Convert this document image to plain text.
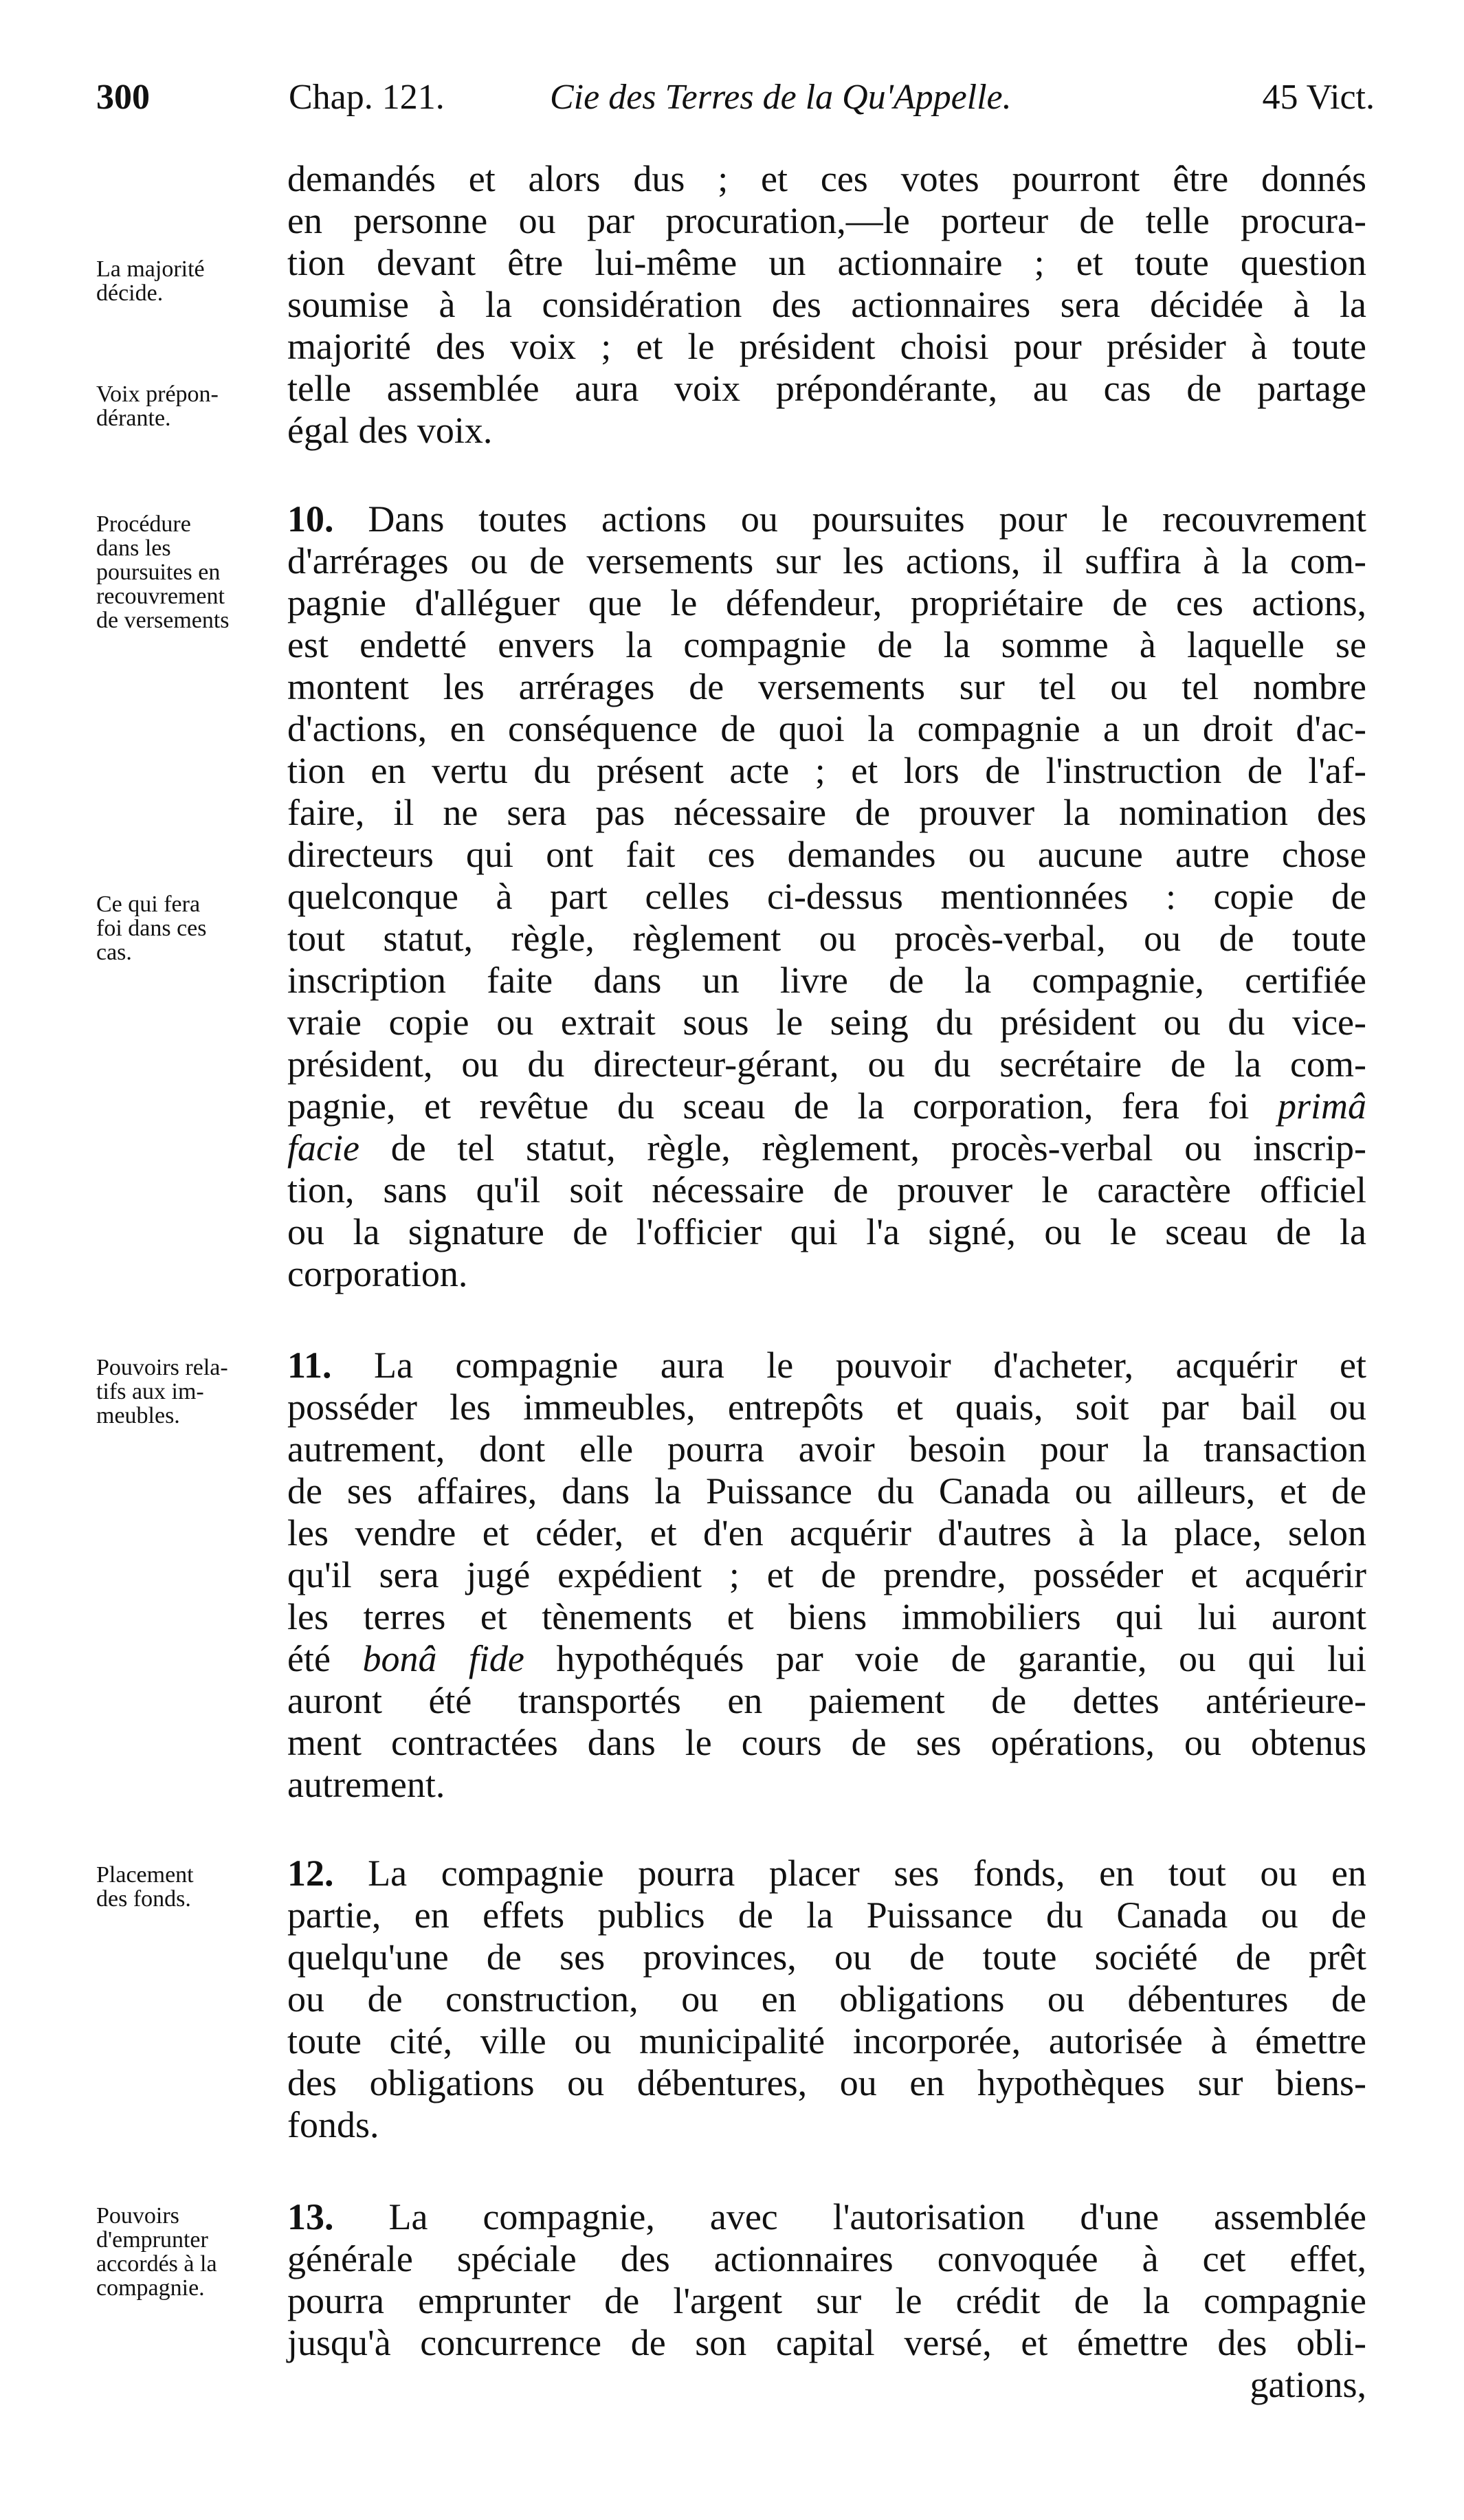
300	Chap. 121.	Cie des Terres de la Qu'Appelle.	45 Vict.
La majorité
décide.
Voix prépon-
dérante.
Procédure
dans les
poursuites en
recouvrement
de versements
Ce qui fera
foi dans ces
cas.
Pouvoirs rela-
tifs aux im-
meubles.
Placement
des fonds.
Pouvoirs
d'emprunter
accordés à la
compagnie.
demandés et alors dus ; et ces votes pourront être donnés
en personne ou par procuration,—le porteur de telle procura-
tion devant être lui-même un actionnaire ; et toute question
soumise à la considération des actionnaires sera décidée à la
majorité des voix ; et le président choisi pour présider à toute
telle assemblée aura voix prépondérante, au cas de partage
égal des voix.
10. Dans toutes actions ou poursuites pour le recouvrement
d'arrérages ou de versements sur les actions, il suffira à la com-
pagnie d'alléguer que le défendeur, propriétaire de ces actions,
est endetté envers la compagnie de la somme à laquelle se
montent les arrérages de versements sur tel ou tel nombre
d'actions, en conséquence de quoi la compagnie a un droit d'ac-
tion en vertu du présent acte ; et lors de l'instruction de l'af-
faire, il ne sera pas nécessaire de prouver la nomination des
directeurs qui ont fait ces demandes ou aucune autre chose
quelconque à part celles ci-dessus mentionnées : copie de
tout statut, règle, règlement ou procès-verbal, ou de toute
inscription faite dans un livre de la compagnie, certifiée
vraie copie ou extrait sous le seing du président ou du vice-
président, ou du directeur-gérant, ou du secrétaire de la com-
pagnie, et revêtue du sceau de la corporation, fera foi primâ
facie de tel statut, règle, règlement, procès-verbal ou inscrip-
tion, sans qu'il soit nécessaire de prouver le caractère officiel
ou la signature de l'officier qui l'a signé, ou le sceau de la
corporation.
11. La compagnie aura le pouvoir d'acheter, acquérir et
posséder les immeubles, entrepôts et quais, soit par bail ou
autrement, dont elle pourra avoir besoin pour la transaction
de ses affaires, dans la Puissance du Canada ou ailleurs, et de
les vendre et céder, et d'en acquérir d'autres à la place, selon
qu'il sera jugé expédient ; et de prendre, posséder et acquérir
les terres et tènements et biens immobiliers qui lui auront
été bonâ fide hypothéqués par voie de garantie, ou qui lui
auront été transportés en paiement de dettes antérieure-
ment contractées dans le cours de ses opérations, ou obtenus
autrement.
12. La compagnie pourra placer ses fonds, en tout ou en
partie, en effets publics de la Puissance du Canada ou de
quelqu'une de ses provinces, ou de toute société de prêt
ou de construction, ou en obligations ou débentures de
toute cité, ville ou municipalité incorporée, autorisée à émettre
des obligations ou débentures, ou en hypothèques sur biens-
fonds.
13. La compagnie, avec l'autorisation d'une assemblée
générale spéciale des actionnaires convoquée à cet effet,
pourra emprunter de l'argent sur le crédit de la compagnie
jusqu'à concurrence de son capital versé, et émettre des obli-
gations,
